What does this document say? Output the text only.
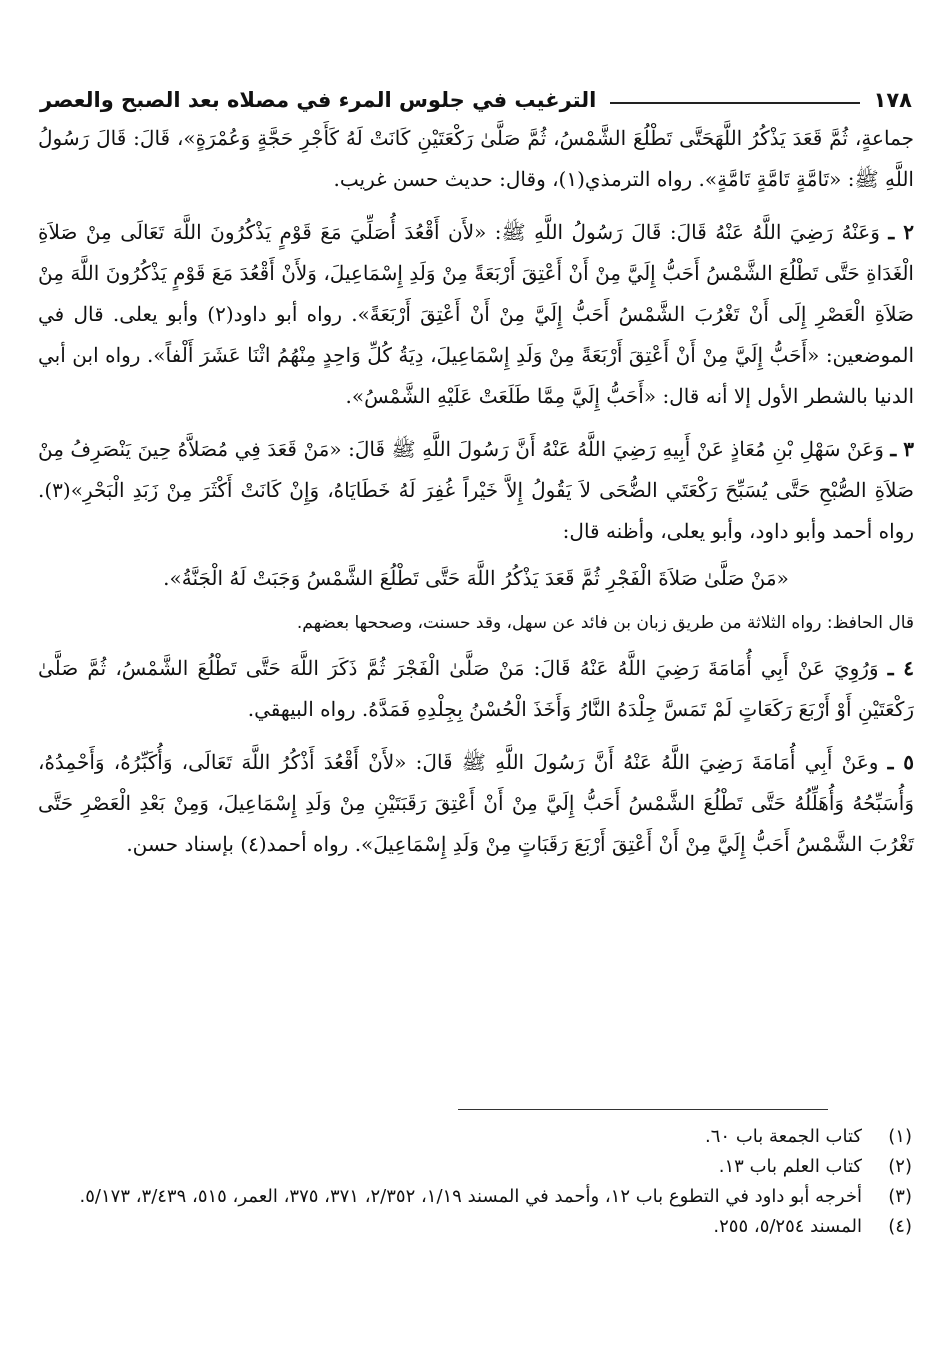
١٧٨
الترغيب في جلوس المرء في مصلاه بعد الصبح والعصر

جماعةٍ، ثُمَّ قَعَدَ يَذْكُرُ اللَّهَحَتَّى تَطْلُعَ الشَّمْسُ، ثُمَّ صَلَّىٰ رَكْعَتَيْنِ كَانَتْ لَهُ كَأَجْرِ حَجَّةٍ وَعُمْرَةٍ»، قَالَ: قَالَ رَسُولُ اللَّهِ ﷺ: «تَامَّةٍ تَامَّةٍ تَامَّةٍ». رواه الترمذي(١)، وقال: حديث حسن غريب.

٢ ـ وَعَنْهُ رَضِيَ اللَّهُ عَنْهُ قَالَ: قَالَ رَسُولُ اللَّهِ ﷺ: «لأَن أَقْعُدَ أُصَلِّيَ مَعَ قَوْمٍ يَذْكُرُونَ اللَّهَ تَعَالَى مِنْ صَلاَةِ الْغَدَاةِ حَتَّى تَطْلُعَ الشَّمْسُ أَحَبُّ إِلَيَّ مِنْ أَنْ أَعْتِقَ أَرْبَعَةً مِنْ وَلَدِ إِسْمَاعِيلَ، وَلأَنْ أَقْعُدَ مَعَ قَوْمٍ يَذْكُرُونَ اللَّهَ مِنْ صَلاَةِ الْعَصْرِ إِلَى أَنْ تَغْرُبَ الشَّمْسُ أَحَبُّ إِلَيَّ مِنْ أَنْ أَعْتِقَ أَرْبَعَةً». رواه أبو داود(٢) وأبو يعلى. قال في الموضعين: «أَحَبُّ إِلَيَّ مِنْ أَنْ أَعْتِقَ أَرْبَعَةً مِنْ وَلَدِ إِسْمَاعِيلَ، دِيَةُ كُلِّ وَاحِدٍ مِنْهُمُ اثْنَا عَشَرَ أَلْفاً». رواه ابن أبي الدنيا بالشطر الأول إلا أنه قال: «أَحَبُّ إِلَيَّ مِمَّا طَلَعَتْ عَلَيْهِ الشَّمْسُ».

٣ ـ وَعَنْ سَهْلِ بْنِ مُعَاذٍ عَنْ أَبِيهِ رَضِيَ اللَّهُ عَنْهُ أَنَّ رَسُولَ اللَّهِ ﷺ قَالَ: «مَنْ قَعَدَ فِي مُصَلاَّهُ حِينَ يَنْصَرِفُ مِنْ صَلاَةِ الصُّبْحِ حَتَّى يُسَبِّحَ رَكْعَتَي الضُّحَى لاَ يَقُولُ إِلاَّ خَيْراً غُفِرَ لَهُ خَطَايَاهُ، وَإِنْ كَانَتْ أَكْثَرَ مِنْ زَبَدِ الْبَحْرِ»(٣). رواه أحمد وأبو داود، وأبو يعلى، وأظنه قال:

«مَنْ صَلَّىٰ صَلاَةَ الْفَجْرِ ثُمَّ قَعَدَ يَذْكُرُ اللَّهَ حَتَّى تَطْلُعَ الشَّمْسُ وَجَبَتْ لَهُ الْجَنَّةُ».

قال الحافظ: رواه الثلاثة من طريق زبان بن فائد عن سهل، وقد حسنت، وصححها بعضهم.

٤ ـ وَرُوِيَ عَنْ أَبِي أُمَامَةَ رَضِيَ اللَّهُ عَنْهُ قَالَ: مَنْ صَلَّىٰ الْفَجْرَ ثُمَّ ذَكَرَ اللَّهَ حَتَّى تَطْلُعَ الشَّمْسُ، ثُمَّ صَلَّىٰ رَكْعَتَيْنِ أَوْ أَرْبَعَ رَكَعَاتٍ لَمْ تَمَسَّ جِلْدَهُ النَّارُ وَأَخَذَ الْحُسْنُ بِجِلْدِهِ فَمَدَّهُ. رواه البيهقي.

٥ ـ وعَنْ أَبِي أُمَامَةَ رَضِيَ اللَّهُ عَنْهُ أَنَّ رَسُولَ اللَّهِ ﷺ قَالَ: «لأَنْ أَقْعُدَ أَذْكُرُ اللَّهَ تَعَالَى، وَأُكَبِّرُهُ، وَأَحْمِدُهُ، وَأُسَبِّحُهُ وَأُهَلِّلُهُ حَتَّى تَطْلُعَ الشَّمْسُ أَحَبُّ إِلَيَّ مِنْ أَنْ أَعْتِقَ رَقَبَتَيْنِ مِنْ وَلَدِ إِسْمَاعِيلَ، وَمِنْ بَعْدِ الْعَصْرِ حَتَّى تَغْرُبَ الشَّمْسُ أَحَبُّ إِلَيَّ مِنْ أَنْ أَعْتِقَ أَرْبَعَ رَقَبَاتٍ مِنْ وَلَدِ إِسْمَاعِيلَ». رواه أحمد(٤) بإسناد حسن.

(١)
كتاب الجمعة باب ٦٠.
(٢)
كتاب العلم باب ١٣.
(٣)
أخرجه أبو داود في التطوع باب ١٢، وأحمد في المسند ١/١٩، ٢/٣٥٢، ٣٧١، ٣٧٥، العمر، ٥١٥، ٣/٤٣٩، ٥/١٧٣.
(٤)
المسند ٥/٢٥٤، ٢٥٥.
